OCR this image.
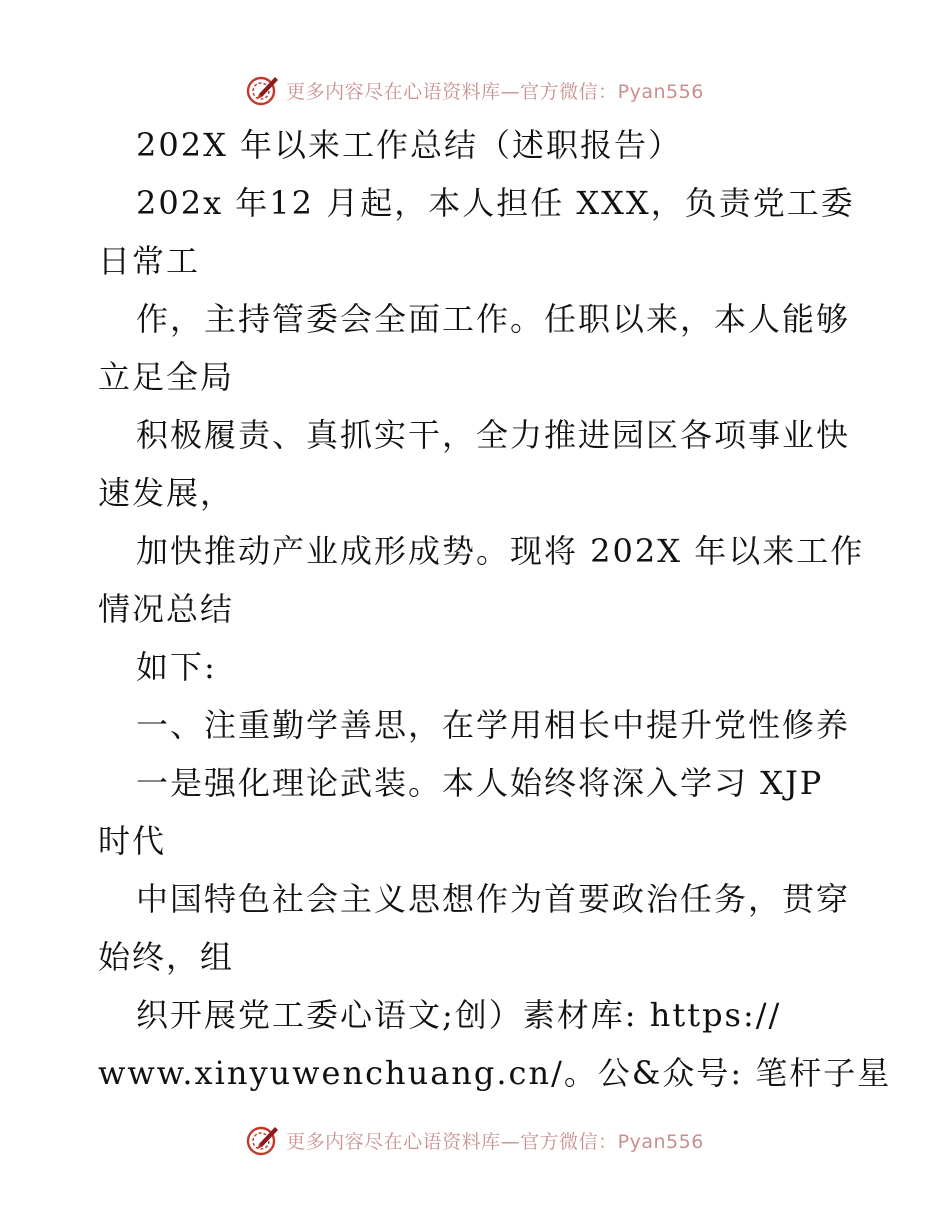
更多内容尽在心语资料库—官方微信：Pyan556
202X 年以来工作总结（述职报告）
202x 年12 月起，本人担任 XXX，负责党工委
日常工
作，主持管委会全面工作。任职以来，本人能够
立足全局
积极履责、真抓实干，全力推进园区各项事业快
速发展，
加快推动产业成形成势。现将 202X 年以来工作
情况总结
如下:
一、注重勤学善思，在学用相长中提升党性修养
一是强化理论武装。本人始终将深入学习 XJP
时代
中国特色社会主义思想作为首要政治任务，贯穿
始终，组
织开展党工委心语文;创）素材库: https://
www.xinyuwenchuang.cn/。公&众号: 笔杆子星
更多内容尽在心语资料库—官方微信：Pyan556
